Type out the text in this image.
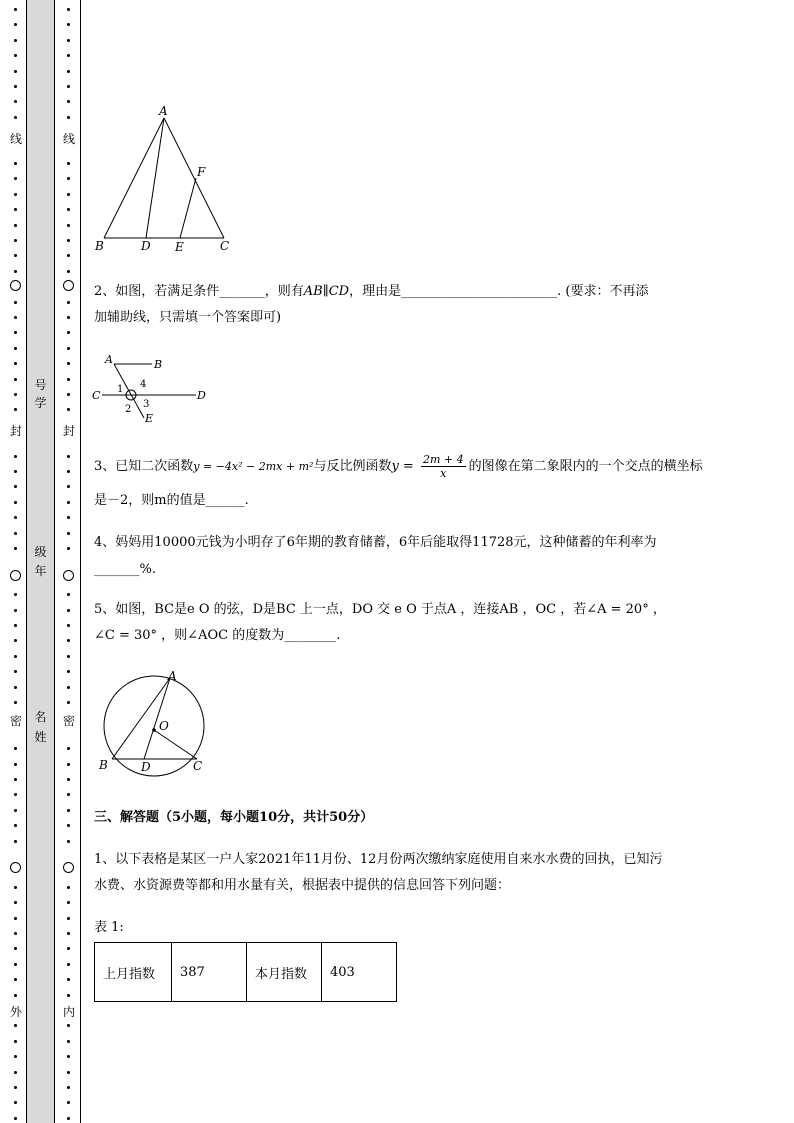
线
封
密
外
号
学
级
年
名
姓
线
封
密
内
A
B	D E	C
F
2、如图，若满足条件_______，则有AB∥CD，理由是________________________. (要求：不再添
加辅助线，只需填一个答案即可)
A	B
C	D
E
1 4
2 3
3、已知二次函数y = −4x² − 2mx + m²与反比例函数$y = \frac{2m + 4}{x}$ 的图像在第二象限内的一个交点的横坐标
是－2，则m的值是______.
4、妈妈用10000元钱为小明存了6年期的教育储蓄，6年后能取得11728元，这种储蓄的年利率为
_______%.
5、如图，BC是e O 的弦，D是BC 上一点，DO 交 e O 于点A ，连接AB ，OC ，若∠A = 20° ，
∠C = 30° ，则∠AOC 的度数为________.
A
O
B	D	C
三、解答题（5小题，每小题10分，共计50分）
1、以下表格是某区一户人家2021年11月份、12月份两次缴纳家庭使用自来水水费的回执，已知污
水费、水资源费等都和用水量有关，根据表中提供的信息回答下列问题：
表 1:
上月指数	387	本月指数	403
